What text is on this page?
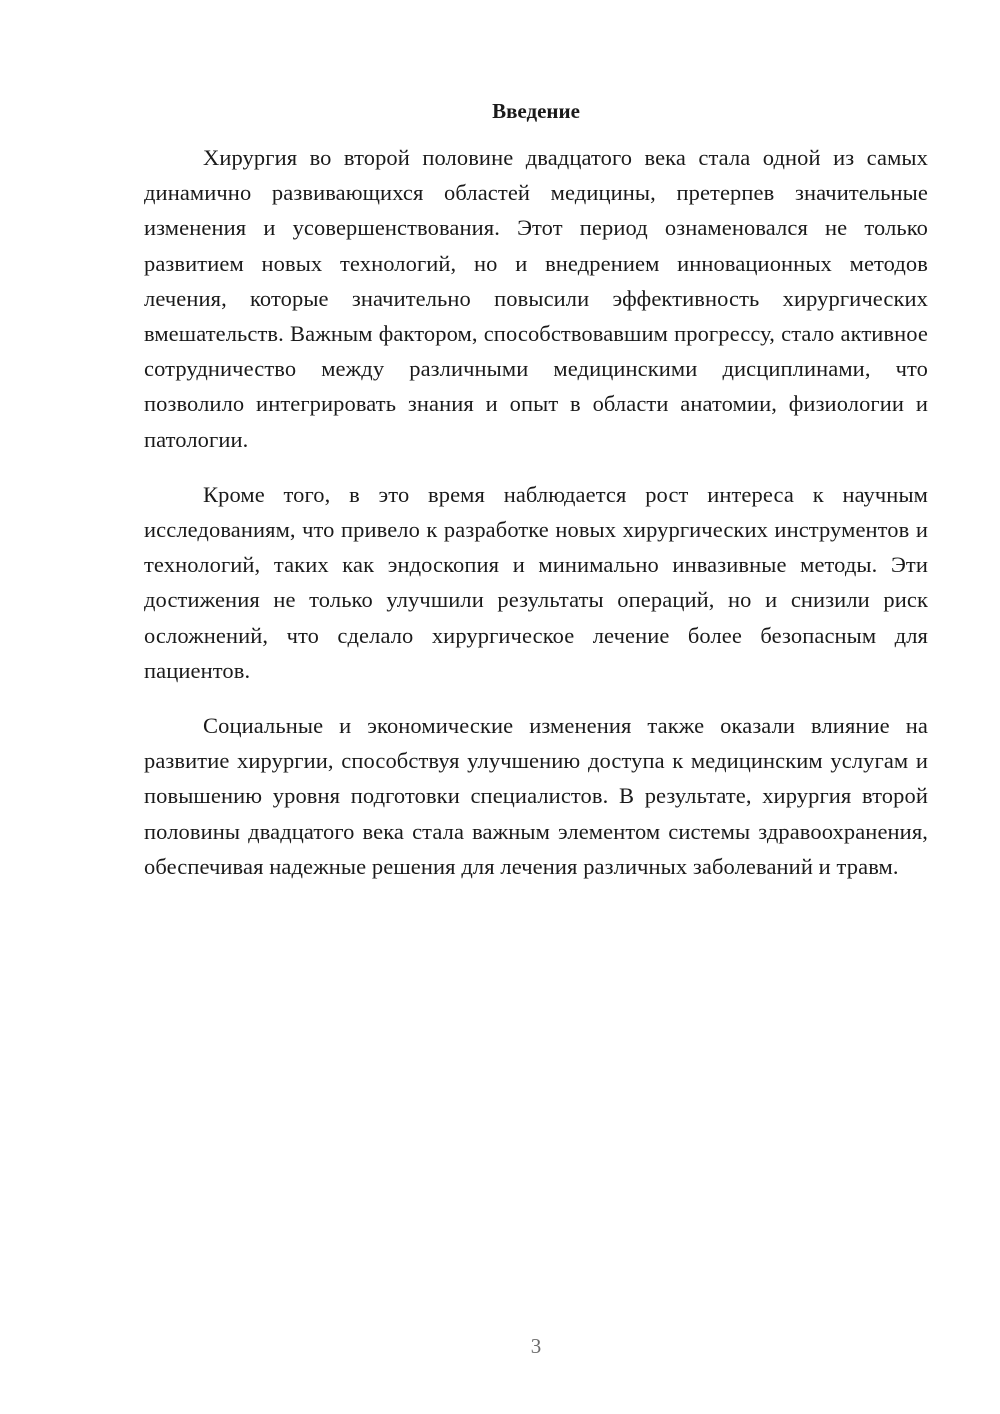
Введение

Хирургия во второй половине двадцатого века стала одной из самых динамично развивающихся областей медицины, претерпев значительные изменения и усовершенствования. Этот период ознаменовался не только развитием новых технологий, но и внедрением инновационных методов лечения, которые значительно повысили эффективность хирургических вмешательств. Важным фактором, способствовавшим прогрессу, стало активное сотрудничество между различными медицинскими дисциплинами, что позволило интегрировать знания и опыт в области анатомии, физиологии и патологии.

Кроме того, в это время наблюдается рост интереса к научным исследованиям, что привело к разработке новых хирургических инструментов и технологий, таких как эндоскопия и минимально инвазивные методы. Эти достижения не только улучшили результаты операций, но и снизили риск осложнений, что сделало хирургическое лечение более безопасным для пациентов.

Социальные и экономические изменения также оказали влияние на развитие хирургии, способствуя улучшению доступа к медицинским услугам и повышению уровня подготовки специалистов. В результате, хирургия второй половины двадцатого века стала важным элементом системы здравоохранения, обеспечивая надежные решения для лечения различных заболеваний и травм.

3
